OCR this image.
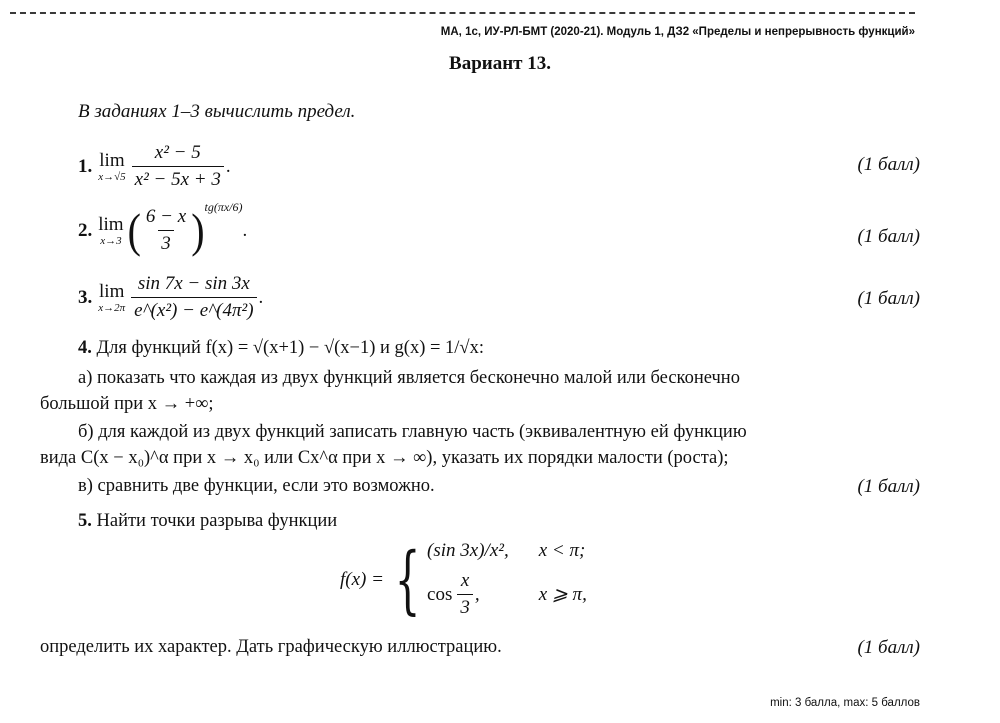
МА, 1с, ИУ-РЛ-БМТ (2020-21). Модуль 1, ДЗ2 «Пределы и непрерывность функций»
Вариант 13.
В заданиях 1–3 вычислить предел.
1. lim
$x\to√5 \frac{\text{x² − 5}}{\text{x² − 5x + 3}}$ .	(1 балл)
2. lim
x→3 ( $\frac{6 - x}{3}$ ) tg(πx/6)
.	(1 балл)
3. lim
$x\to 2\pi \frac{\sin 7x - \sin 3x}{\text{e\textasciicircum{}(x²) − e\textasciicircum{}(4π²)}}$ .	(1 балл)
4. Для функций f(x) = √(x+1) − √(x−1) и g(x) = 1/√x:
а) показать что каждая из двух функций является бесконечно малой или бесконечно
большой при x → +∞;
б) для каждой из двух функций записать главную часть (эквивалентную ей функцию
вида C(x − x₀)^α при x → x₀ или Cx^α при x → ∞), указать их порядки малости (роста);
в) сравнить две функции, если это возможно.	(1 балл)
5. Найти точки разрыва функции
f(x) = { (sin 3x)/x², x < π;
$\cos \frac{x}{3}$ ,	x ⩾ π,
определить их характер. Дать графическую иллюстрацию.	(1 балл)
min: 3 балла, max: 5 баллов
